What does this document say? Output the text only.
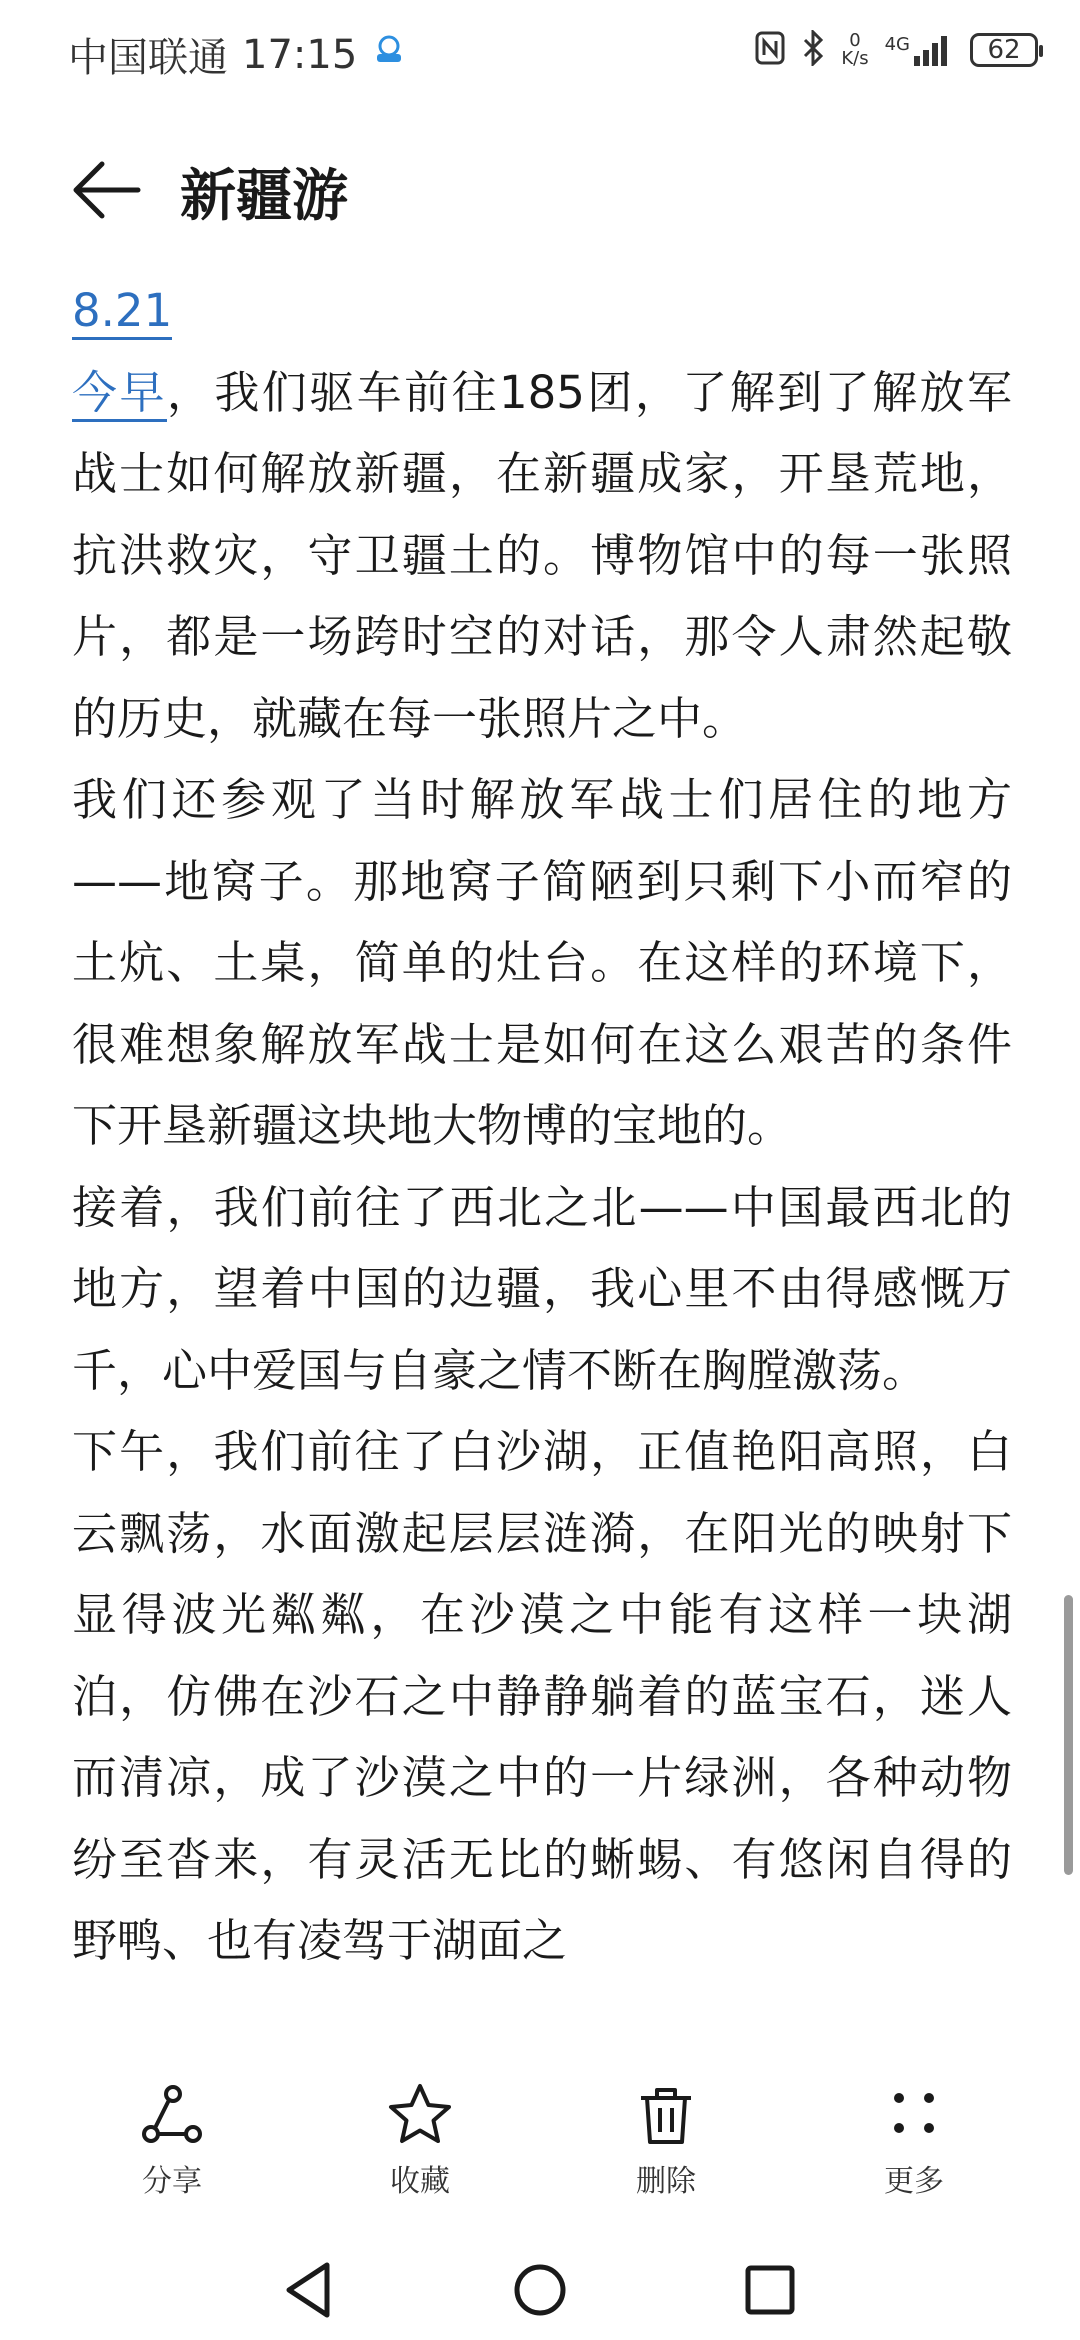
中国联通 17:15	0
K/s
4G	62
新疆游

8.21

今早，我们驱车前往185团，了解到了解放军战士如何解放新疆，在新疆成家，开垦荒地，抗洪救灾，守卫疆土的。博物馆中的每一张照片，都是一场跨时空的对话，那令人肃然起敬的历史，就藏在每一张照片之中。

我们还参观了当时解放军战士们居住的地方——地窝子。那地窝子简陋到只剩下小而窄的土炕、土桌，简单的灶台。在这样的环境下，很难想象解放军战士是如何在这么艰苦的条件下开垦新疆这块地大物博的宝地的。

接着，我们前往了西北之北——中国最西北的地方，望着中国的边疆，我心里不由得感慨万千，心中爱国与自豪之情不断在胸膛激荡。

下午，我们前往了白沙湖，正值艳阳高照，白云飘荡，水面激起层层涟漪，在阳光的映射下显得波光粼粼，在沙漠之中能有这样一块湖泊，仿佛在沙石之中静静躺着的蓝宝石，迷人而清凉，成了沙漠之中的一片绿洲，各种动物纷至沓来，有灵活无比的蜥蜴、有悠闲自得的野鸭、也有凌驾于湖面之

分享	收藏	删除	更多
